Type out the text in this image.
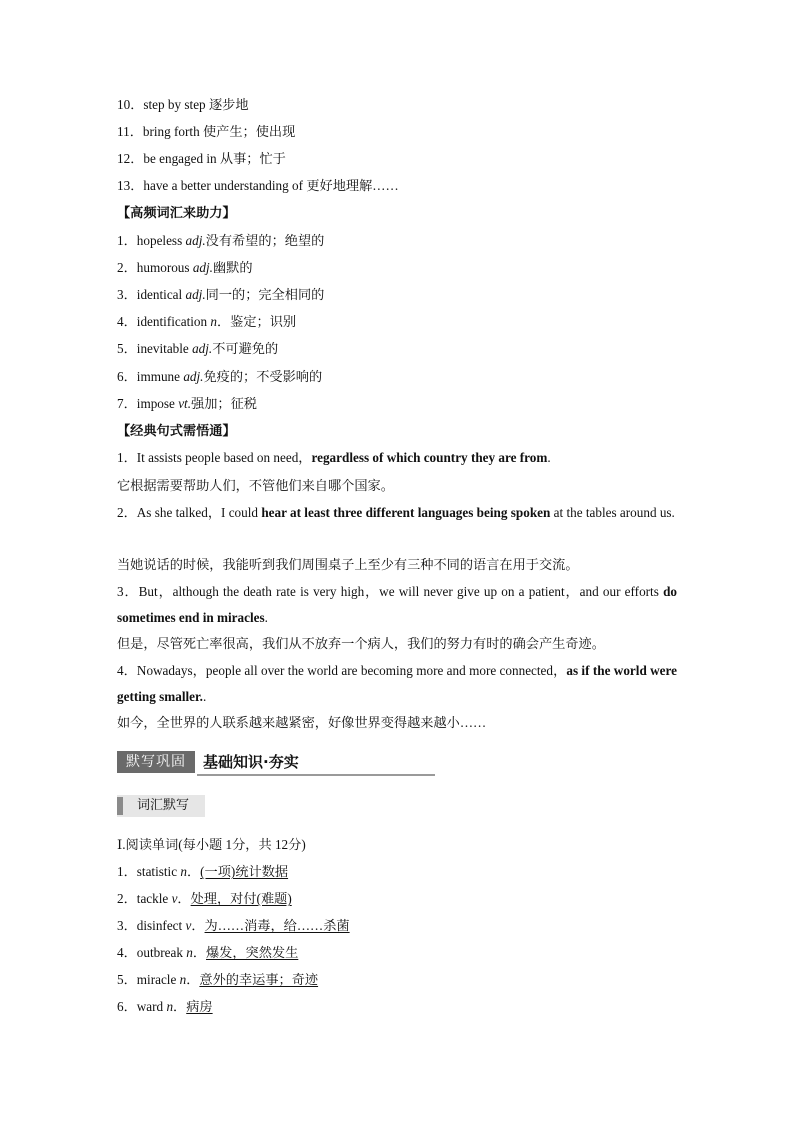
10．step by step 逐步地
11．bring forth 使产生；使出现
12．be engaged in 从事；忙于
13．have a better understanding of 更好地理解……
【高频词汇来助力】
1．hopeless adj.没有希望的；绝望的
2．humorous adj.幽默的
3．identical adj.同一的；完全相同的
4．identification n．鉴定；识别
5．inevitable adj.不可避免的
6．immune adj.免疫的；不受影响的
7．impose vt.强加；征税
【经典句式需悟通】
1．It assists people based on need，regardless of which country they are from.
它根据需要帮助人们，不管他们来自哪个国家。
2．As she talked，I could hear at least three different languages being spoken at the tables around us.
当她说话的时候，我能听到我们周围桌子上至少有三种不同的语言在用于交流。
3．But，although the death rate is very high，we will never give up on a patient，and our efforts do sometimes end in miracles.
但是，尽管死亡率很高，我们从不放弃一个病人，我们的努力有时的确会产生奇迹。
4．Nowadays，people all over the world are becoming more and more connected，as if the world were getting smaller..
如今，全世界的人联系越来越紧密，好像世界变得越来越小……
默写巩固	基础知识·夯实
词汇默写
Ⅰ.阅读单词(每小题 1分，共 12分)
1．statistic n．(一项)统计数据
2．tackle v．处理，对付(难题)
3．disinfect v．为……消毒，给……杀菌
4．outbreak n．爆发，突然发生
5．miracle n．意外的幸运事；奇迹
6．ward n．病房
